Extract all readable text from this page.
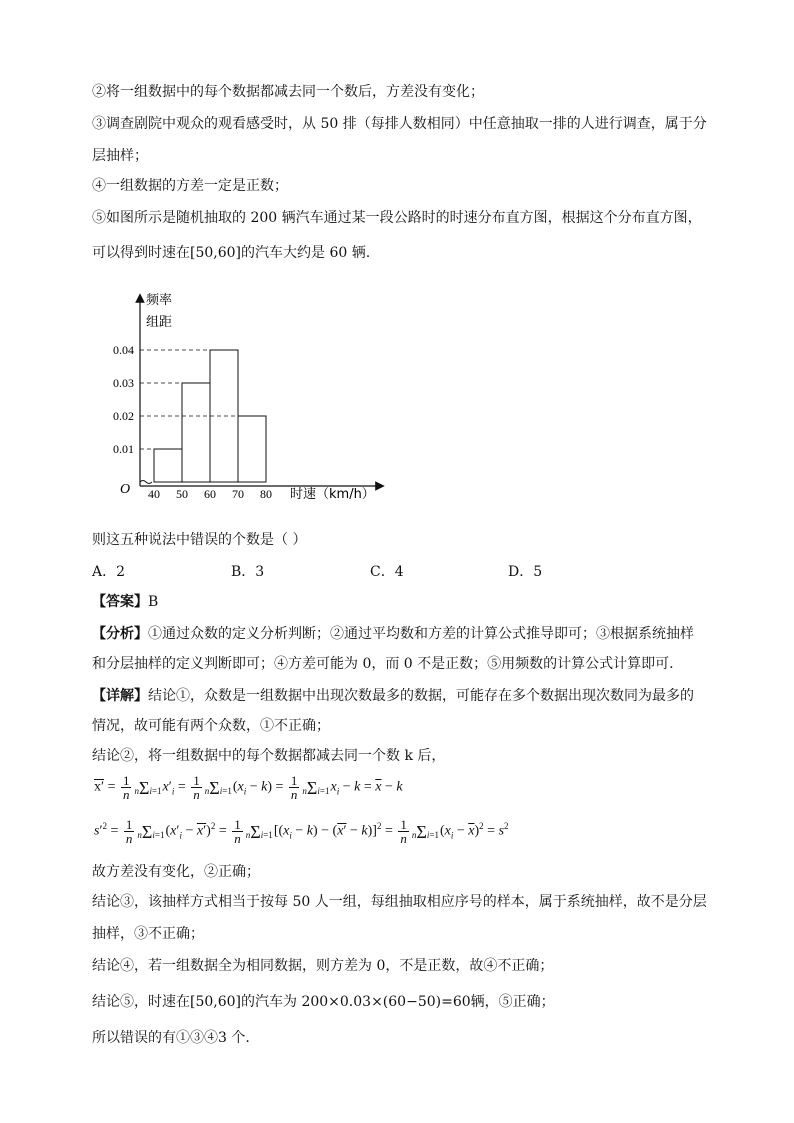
②将一组数据中的每个数据都减去同一个数后，方差没有变化；
③调查剧院中观众的观看感受时，从 50 排（每排人数相同）中任意抽取一排的人进行调查，属于分
层抽样；
④一组数据的方差一定是正数；
⑤如图所示是随机抽取的 200 辆汽车通过某一段公路时的时速分布直方图，根据这个分布直方图，
可以得到时速在[50,60]的汽车大约是 60 辆.
频率
组距
O	时速（km/h）
0.01
0.02
0.03
0.04
40 50 60 70 80
则这五种说法中错误的个数是（ ）
A．2	B．3	C．4	D．5
【答案】B
【分析】①通过众数的定义分析判断；②通过平均数和方差的计算公式推导即可；③根据系统抽样
和分层抽样的定义判断即可；④方差可能为 0，而 0 不是正数；⑤用频数的计算公式计算即可.
【详解】结论①，众数是一组数据中出现次数最多的数据，可能存在多个数据出现次数同为最多的
情况，故可能有两个众数，①不正确；
结论②，将一组数据中的每个数据都减去同一个数 k 后，
$x' = \frac{1}{n} n\Sigma i=1x'_i = \frac{1}{n} n\Sigma i=1(x_i - k) = \frac{1}{n} n\Sigma i=1x_i - k = \overline{x} - k$
$s'^2 = \frac{1}{n} n\Sigma i=1(x'_i - x')^2 = \frac{1}{n} n\Sigma i=1[(x_i - k) - (x' - k)]^2 = \frac{1}{n} n\Sigma i=1(x_i - \overline{x})^2 = s^2$
故方差没有变化，②正确；
结论③，该抽样方式相当于按每 50 人一组，每组抽取相应序号的样本，属于系统抽样，故不是分层
抽样，③不正确；
结论④，若一组数据全为相同数据，则方差为 0，不是正数，故④不正确；
结论⑤，时速在[50,60]的汽车为 200×0.03×(60−50)=60辆，⑤正确；
所以错误的有①③④3 个.
